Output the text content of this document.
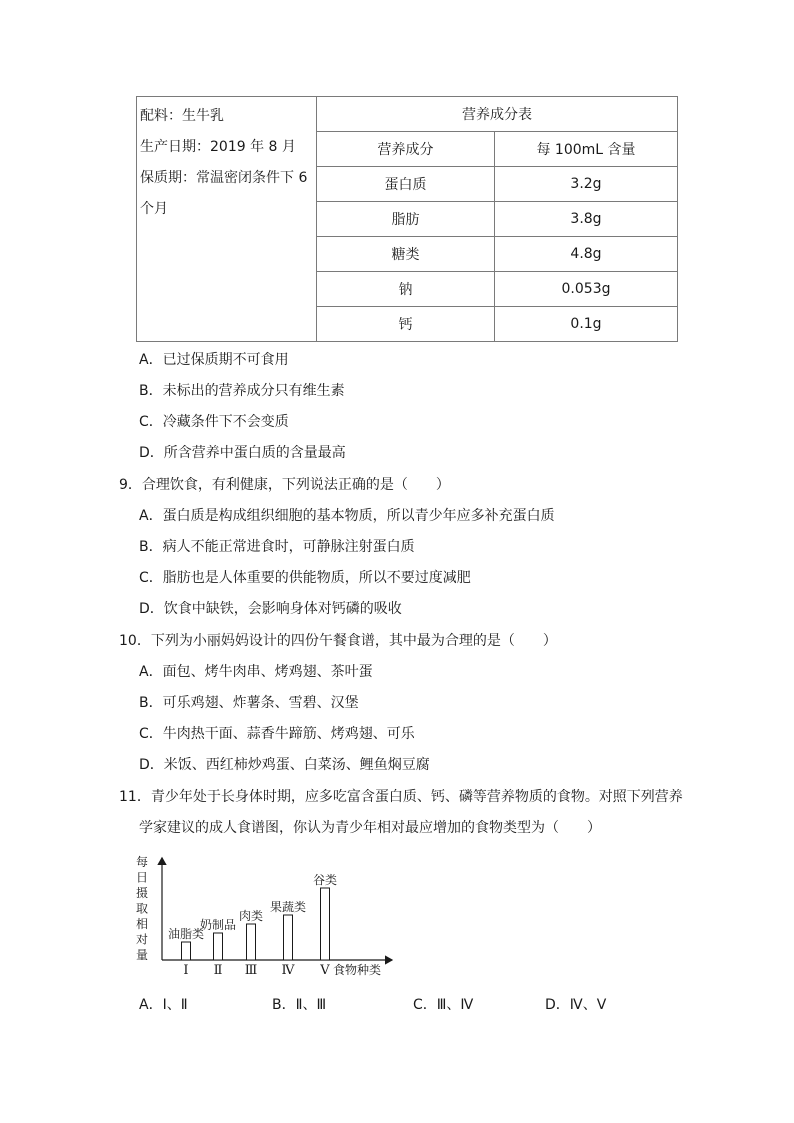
配料：生牛乳
生产日期：2019 年 8 月
保质期：常温密闭条件下 6 个月	营养成分表	
	营养成分	每 100mL 含量
	蛋白质	3.2g
	脂肪	3.8g
	糖类	4.8g
	钠	0.053g
	钙	0.1g
A．已过保质期不可食用
B．未标出的营养成分只有维生素
C．冷藏条件下不会变质
D．所含营养中蛋白质的含量最高
9．合理饮食，有利健康，下列说法正确的是（　　）
A．蛋白质是构成组织细胞的基本物质，所以青少年应多补充蛋白质
B．病人不能正常进食时，可静脉注射蛋白质
C．脂肪也是人体重要的供能物质，所以不要过度减肥
D．饮食中缺铁，会影响身体对钙磷的吸收
10．下列为小丽妈妈设计的四份午餐食谱，其中最为合理的是（　　）
A．面包、烤牛肉串、烤鸡翅、茶叶蛋
B．可乐鸡翅、炸薯条、雪碧、汉堡
C．牛肉热干面、蒜香牛蹄筋、烤鸡翅、可乐
D．米饭、西红柿炒鸡蛋、白菜汤、鲤鱼焖豆腐
11．青少年处于长身体时期，应多吃富含蛋白质、钙、磷等营养物质的食物。对照下列营养
学家建议的成人食谱图，你认为青少年相对最应增加的食物类型为（　　）
每日摄取相对量
油脂类
Ⅰ
奶制品
Ⅱ
肉类
Ⅲ
果蔬类
Ⅳ
谷类
Ⅴ 食物种类
A．Ⅰ、Ⅱ	B．Ⅱ、Ⅲ	C．Ⅲ、Ⅳ	D．Ⅳ、Ⅴ
